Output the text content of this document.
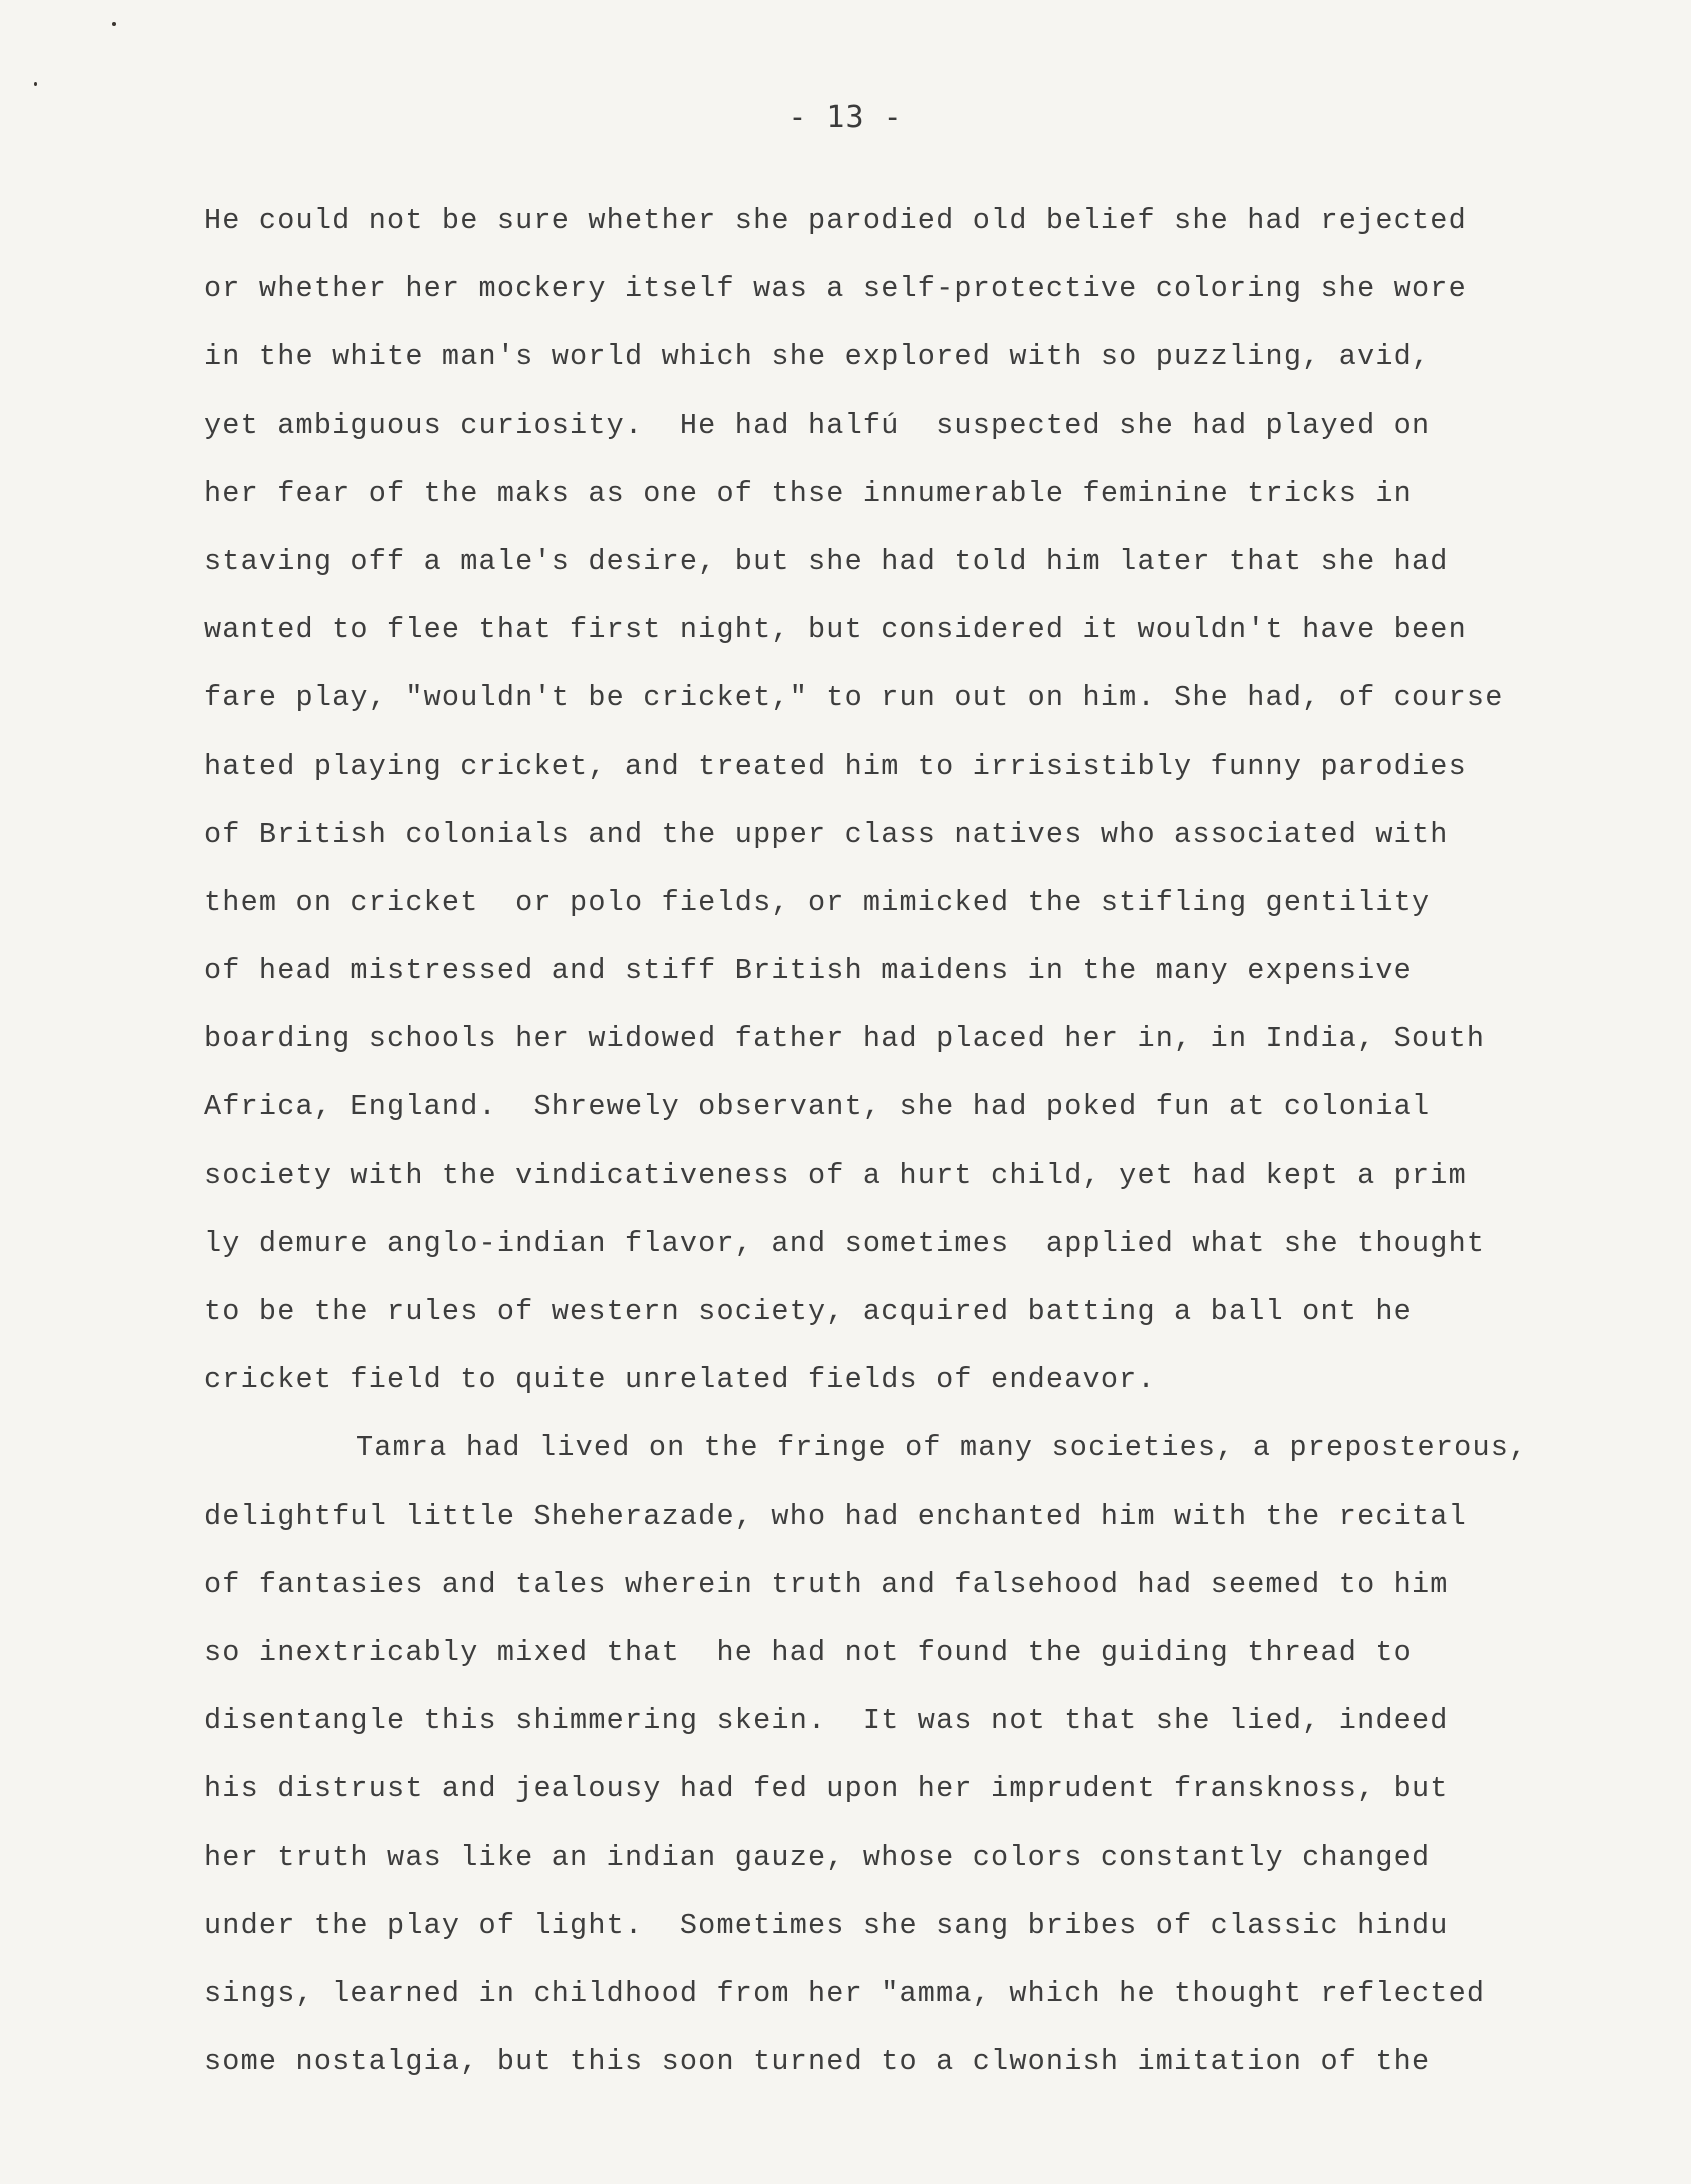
- 13 -
He could not be sure whether she parodied old belief she had rejected
or whether her mockery itself was a self-protective coloring she wore
in the white man's world which she explored with so puzzling, avid,
yet ambiguous curiosity.  He had halfú  suspected she had played on
her fear of the maks as one of thse innumerable feminine tricks in
staving off a male's desire, but she had told him later that she had
wanted to flee that first night, but considered it wouldn't have been
fare play, "wouldn't be cricket," to run out on him. She had, of course
hated playing cricket, and treated him to irrisistibly funny parodies
of British colonials and the upper class natives who associated with
them on cricket  or polo fields, or mimicked the stifling gentility
of head mistressed and stiff British maidens in the many expensive
boarding schools her widowed father had placed her in, in India, South
Africa, England.  Shrewely observant, she had poked fun at colonial
society with the vindicativeness of a hurt child, yet had kept a prim
ly demure anglo-indian flavor, and sometimes  applied what she thought
to be the rules of western society, acquired batting a ball ont he
cricket field to quite unrelated fields of endeavor.
Tamra had lived on the fringe of many societies, a preposterous,
delightful little Sheherazade, who had enchanted him with the recital
of fantasies and tales wherein truth and falsehood had seemed to him
so inextricably mixed that  he had not found the guiding thread to
disentangle this shimmering skein.  It was not that she lied, indeed
his distrust and jealousy had fed upon her imprudent fransknoss, but
her truth was like an indian gauze, whose colors constantly changed
under the play of light.  Sometimes she sang bribes of classic hindu
sings, learned in childhood from her "amma, which he thought reflected
some nostalgia, but this soon turned to a clwonish imitation of the
